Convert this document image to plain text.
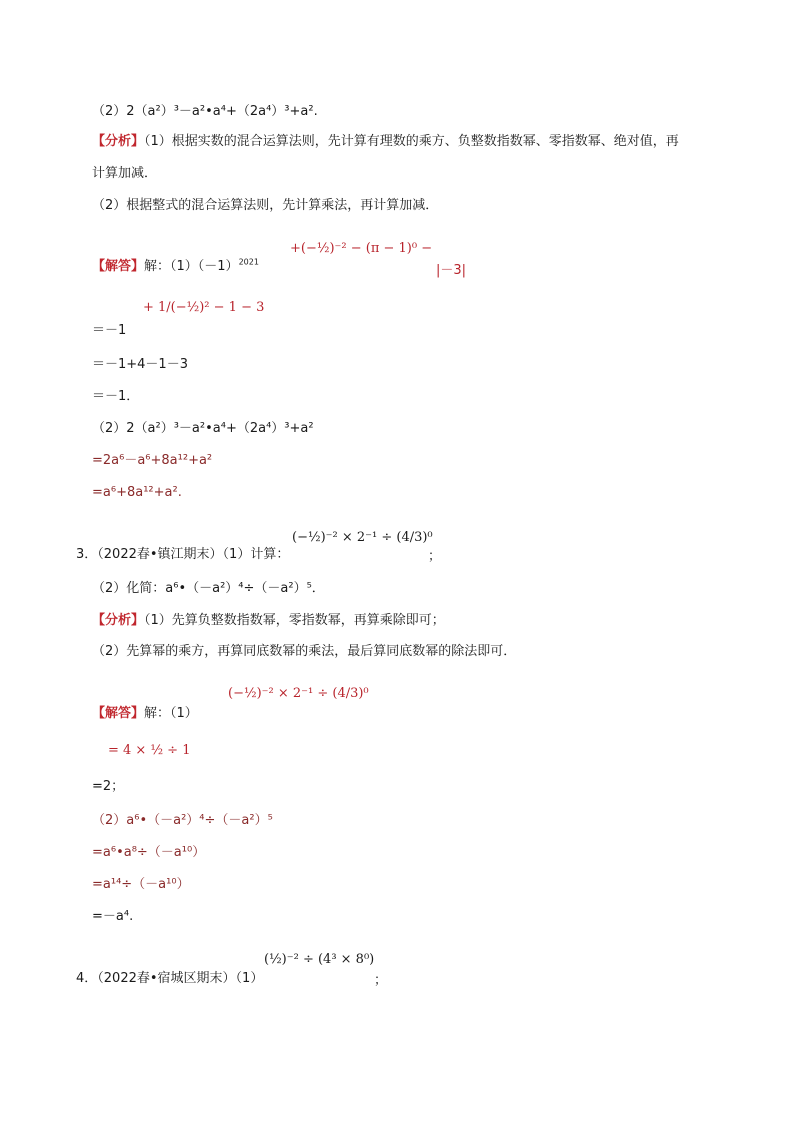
（2）2（a²）³－a²•a⁴+（2a⁴）³+a².
【分析】（1）根据实数的混合运算法则，先计算有理数的乘方、负整数指数幂、零指数幂、绝对值，再
计算加减．
（2）根据整式的混合运算法则，先计算乘法，再计算加减．
【解答】解：$(1)(-1)^{2021}$
+(−½)⁻² − (π − 1)⁰ −
|－3|
＝－1
+ 1/(−½)² − 1 − 3
＝－1+4－1－3
＝－1．
（2）2（a²）³－a²•a⁴+（2a⁴）³+a²
=2a⁶－a⁶+8a¹²+a²
=a⁶+8a¹²+a².
3．（2022春•镇江期末）（1）计算：
(−½)⁻² × 2⁻¹ ÷ (4/3)⁰
；
（2）化简：a⁶•（－a²）⁴÷（－a²）⁵．
【分析】（1）先算负整数指数幂，零指数幂，再算乘除即可；
（2）先算幂的乘方，再算同底数幂的乘法，最后算同底数幂的除法即可．
【解答】解：（1）
(−½)⁻² × 2⁻¹ ÷ (4/3)⁰
= 4 × ½ ÷ 1
=2；
（2）a⁶•（－a²）⁴÷（－a²）⁵
=a⁶•a⁸÷（－a¹⁰）
=a¹⁴÷（－a¹⁰）
=－a⁴.
4．（2022春•宿城区期末）（1）
(½)⁻² ÷ (4³ × 8⁰)
；
